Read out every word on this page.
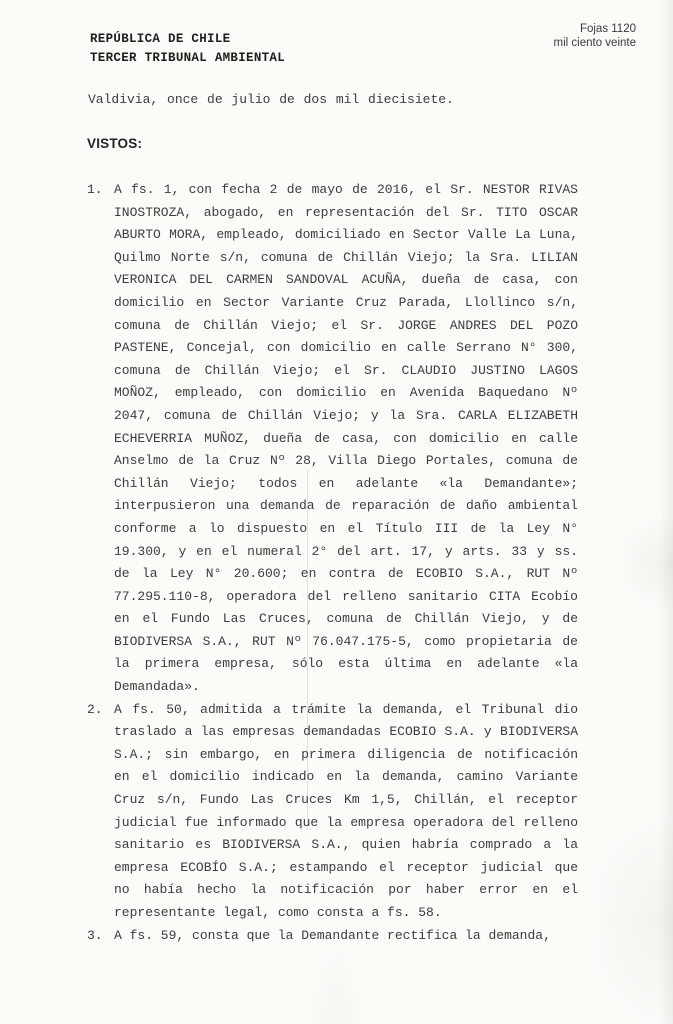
REPÚBLICA DE CHILE
TERCER TRIBUNAL AMBIENTAL
Fojas 1120
mil ciento veinte
Valdivia, once de julio de dos mil diecisiete.
VISTOS:
1. A fs. 1, con fecha 2 de mayo de 2016, el Sr. NESTOR RIVAS
INOSTROZA, abogado, en representación del Sr. TITO OSCAR
ABURTO MORA, empleado, domiciliado en Sector Valle La Luna,
Quilmo Norte s/n, comuna de Chillán Viejo; la Sra. LILIAN
VERONICA DEL CARMEN SANDOVAL ACUÑA, dueña de casa, con
domicilio en Sector Variante Cruz Parada, Llollinco s/n,
comuna de Chillán Viejo; el Sr. JORGE ANDRES DEL POZO
PASTENE, Concejal, con domicilio en calle Serrano N° 300,
comuna de Chillán Viejo; el Sr. CLAUDIO JUSTINO LAGOS
MOÑOZ, empleado, con domicilio en Avenida Baquedano Nº
2047, comuna de Chillán Viejo; y la Sra. CARLA ELIZABETH
ECHEVERRIA MUÑOZ, dueña de casa, con domicilio en calle
Anselmo de la Cruz Nº 28, Villa Diego Portales, comuna de
Chillán Viejo; todos en adelante «la Demandante»;
interpusieron una demanda de reparación de daño ambiental
conforme a lo dispuesto en el Título III de la Ley N°
19.300, y en el numeral 2° del art. 17, y arts. 33 y ss.
de la Ley N° 20.600; en contra de ECOBIO S.A., RUT Nº
77.295.110-8, operadora del relleno sanitario CITA Ecobío
en el Fundo Las Cruces, comuna de Chillán Viejo, y de
BIODIVERSA S.A., RUT Nº 76.047.175-5, como propietaria de
la primera empresa, sólo esta última en adelante «la
Demandada».
2. A fs. 50, admitida a trámite la demanda, el Tribunal dio
traslado a las empresas demandadas ECOBIO S.A. y BIODIVERSA
S.A.; sin embargo, en primera diligencia de notificación
en el domicilio indicado en la demanda, camino Variante
Cruz s/n, Fundo Las Cruces Km 1,5, Chillán, el receptor
judicial fue informado que la empresa operadora del relleno
sanitario es BIODIVERSA S.A., quien habría comprado a la
empresa ECOBÍO S.A.; estampando el receptor judicial que
no había hecho la notificación por haber error en el
representante legal, como consta a fs. 58.
3. A fs. 59, consta que la Demandante rectifica la demanda,
